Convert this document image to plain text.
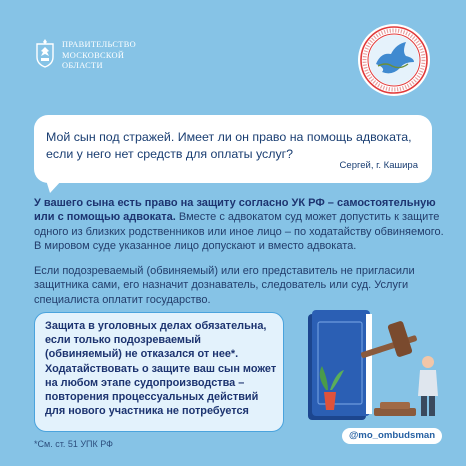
ПРАВИТЕЛЬСТВО
МОСКОВСКОЙ
ОБЛАСТИ
Мой сын под стражей. Имеет ли он право на помощь адвоката,
если у него нет средств для оплаты услуг?
Сергей, г. Кашира
У вашего сына есть право на защиту согласно УК РФ – самостоятельную или с помощью адвоката. Вместе с адвокатом суд может допустить к защите одного из близких родственников или иное лицо – по ходатайству обвиняемого. В мировом суде указанное лицо допускают и вместо адвоката.
Если подозреваемый (обвиняемый) или его представитель не пригласили защитника сами, его назначит дознаватель, следователь или суд. Услуги специалиста оплатит государство.
Защита в уголовных делах обязательна, если только подозреваемый (обвиняемый) не отказался от нее*. Ходатайствовать о защите ваш сын может на любом этапе судопроизводства – повторения процессуальных действий для нового участника не потребуется
*См. ст. 51 УПК РФ
@mo_ombudsman
